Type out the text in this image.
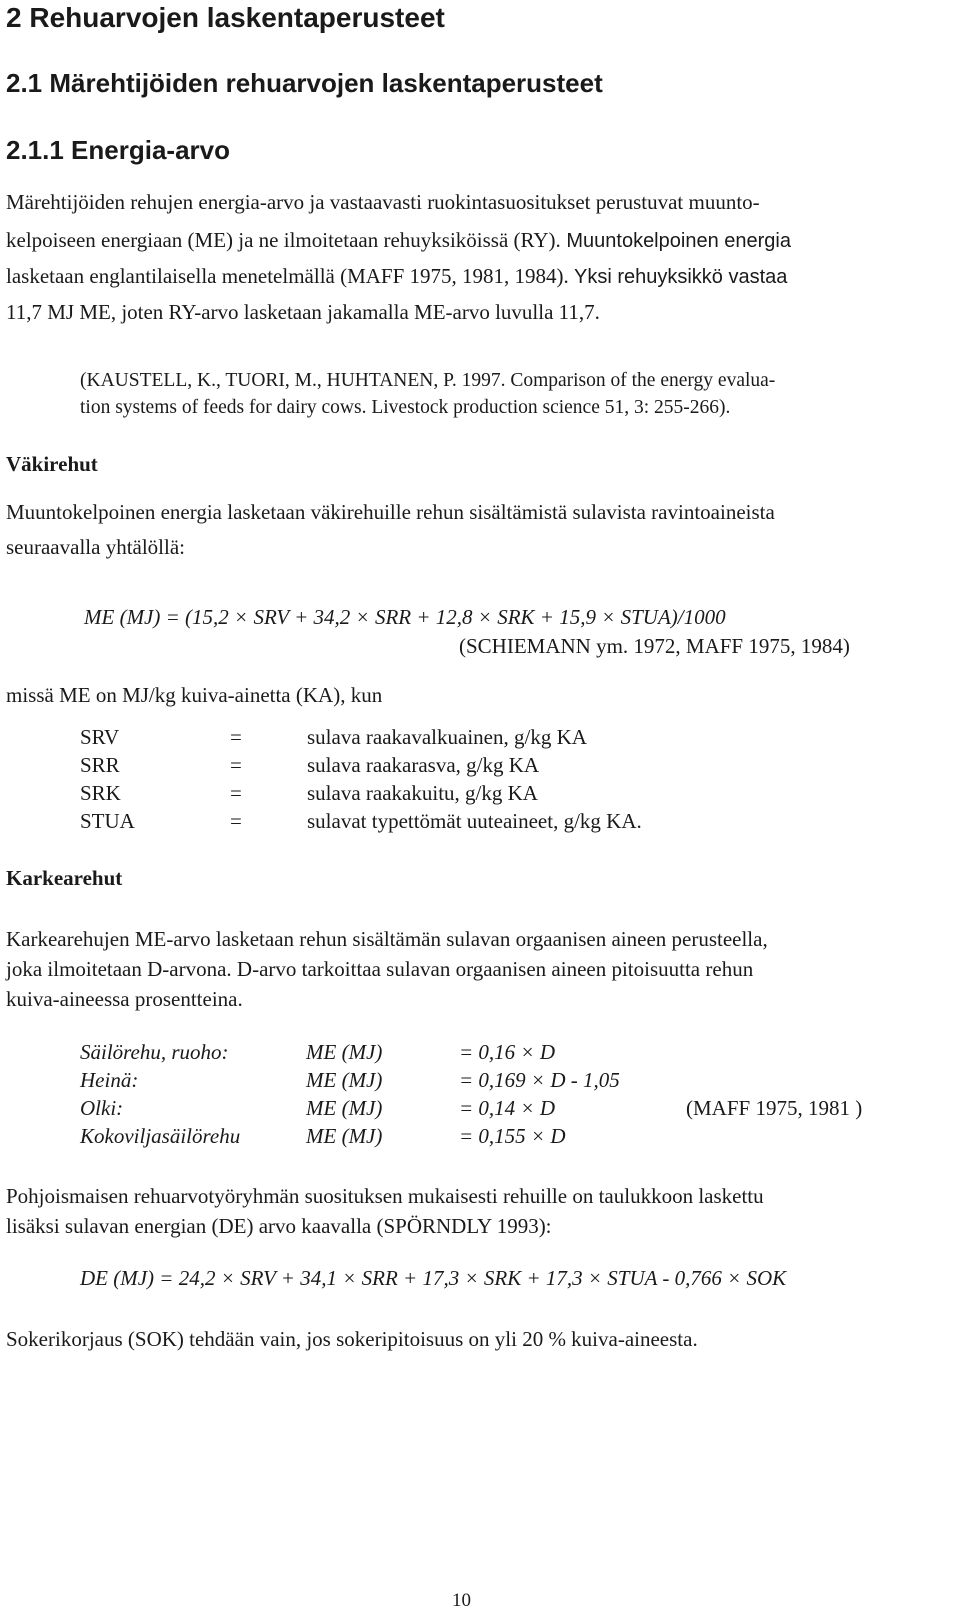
2 Rehuarvojen laskentaperusteet
2.1 Märehtijöiden rehuarvojen laskentaperusteet
2.1.1 Energia-arvo
Märehtijöiden rehujen energia-arvo ja vastaavasti ruokintasuositukset perustuvat muunto-
kelpoiseen energiaan (ME) ja ne ilmoitetaan rehuyksiköissä (RY). Muuntokelpoinen energia
lasketaan englantilaisella menetelmällä (MAFF 1975, 1981, 1984). Yksi rehuyksikkö vastaa
11,7 MJ ME, joten RY-arvo lasketaan jakamalla ME-arvo luvulla 11,7.
(KAUSTELL, K., TUORI, M., HUHTANEN, P. 1997. Comparison of the energy evalua-
tion systems of feeds for dairy cows. Livestock production science 51, 3: 255-266).
Väkirehut
Muuntokelpoinen energia lasketaan väkirehuille rehun sisältämistä sulavista ravintoaineista
seuraavalla yhtälöllä:
ME (MJ) = (15,2 × SRV + 34,2 × SRR + 12,8 × SRK + 15,9 × STUA)/1000
(SCHIEMANN ym. 1972, MAFF 1975, 1984)
missä ME on MJ/kg kuiva-ainetta (KA), kun
SRV	=	sulava raakavalkuainen, g/kg KA
SRR	=	sulava raakarasva, g/kg KA
SRK	=	sulava raakakuitu, g/kg KA
STUA	=	sulavat typettömät uuteaineet, g/kg KA.
Karkearehut
Karkearehujen ME-arvo lasketaan rehun sisältämän sulavan orgaanisen aineen perusteella,
joka ilmoitetaan D-arvona. D-arvo tarkoittaa sulavan orgaanisen aineen pitoisuutta rehun
kuiva-aineessa prosentteina.
Säilörehu, ruoho:	ME (MJ)	= 0,16 × D
Heinä:	ME (MJ)	= 0,169 × D - 1,05
Olki:	ME (MJ)	= 0,14 × D	(MAFF 1975, 1981 )
Kokoviljasäilörehu	ME (MJ)	= 0,155 × D
Pohjoismaisen rehuarvotyöryhmän suosituksen mukaisesti rehuille on taulukkoon laskettu
lisäksi sulavan energian (DE) arvo kaavalla (SPÖRNDLY 1993):
DE (MJ) = 24,2 × SRV + 34,1 × SRR + 17,3 × SRK + 17,3 × STUA - 0,766 × SOK
Sokerikorjaus (SOK) tehdään vain, jos sokeripitoisuus on yli 20 % kuiva-aineesta.
10
